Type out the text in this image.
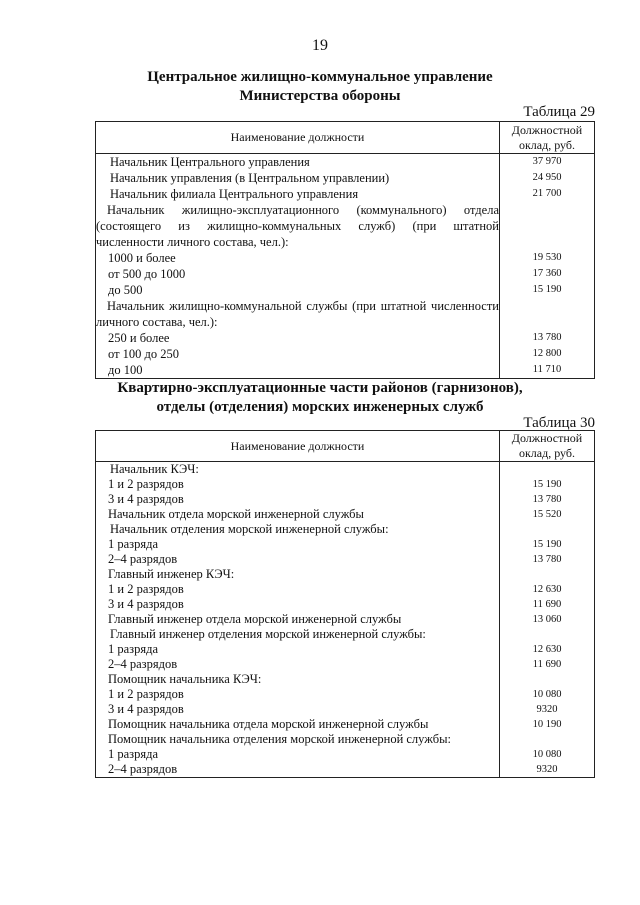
19
Центральное жилищно-коммунальное управление
Министерства обороны
Таблица 29
Наименование должности	Должностной
оклад, руб.
Начальник Центрального управления	37 970
Начальник управления (в Центральном управлении)	24 950
Начальник филиала Центрального управления	21 700
Начальник жилищно-эксплуатационного (коммунального) отдела (состоящего из жилищно-коммунальных служб) (при штатной численности личного состава, чел.):	
1000 и более	19 530
от 500 до 1000	17 360
до 500	15 190
Начальник жилищно-коммунальной службы (при штатной численности личного состава, чел.):	
250 и более	13 780
от 100 до 250	12 800
до 100	11 710
Квартирно-эксплуатационные части районов (гарнизонов),
отделы (отделения) морских инженерных служб
Таблица 30
Наименование должности	Должностной
оклад, руб.
Начальник КЭЧ:	
1 и 2 разрядов	15 190
3 и 4 разрядов	13 780
Начальник отдела морской инженерной службы	15 520
Начальник отделения морской инженерной службы:	
1 разряда	15 190
2–4 разрядов	13 780
Главный инженер КЭЧ:	
1 и 2 разрядов	12 630
3 и 4 разрядов	11 690
Главный инженер отдела морской инженерной службы	13 060
Главный инженер отделения морской инженерной службы:	
1 разряда	12 630
2–4 разрядов	11 690
Помощник начальника КЭЧ:	
1 и 2 разрядов	10 080
3 и 4 разрядов	9320
Помощник начальника отдела морской инженерной службы	10 190
Помощник начальника отделения морской инженерной службы:	
1 разряда	10 080
2–4 разрядов	9320
